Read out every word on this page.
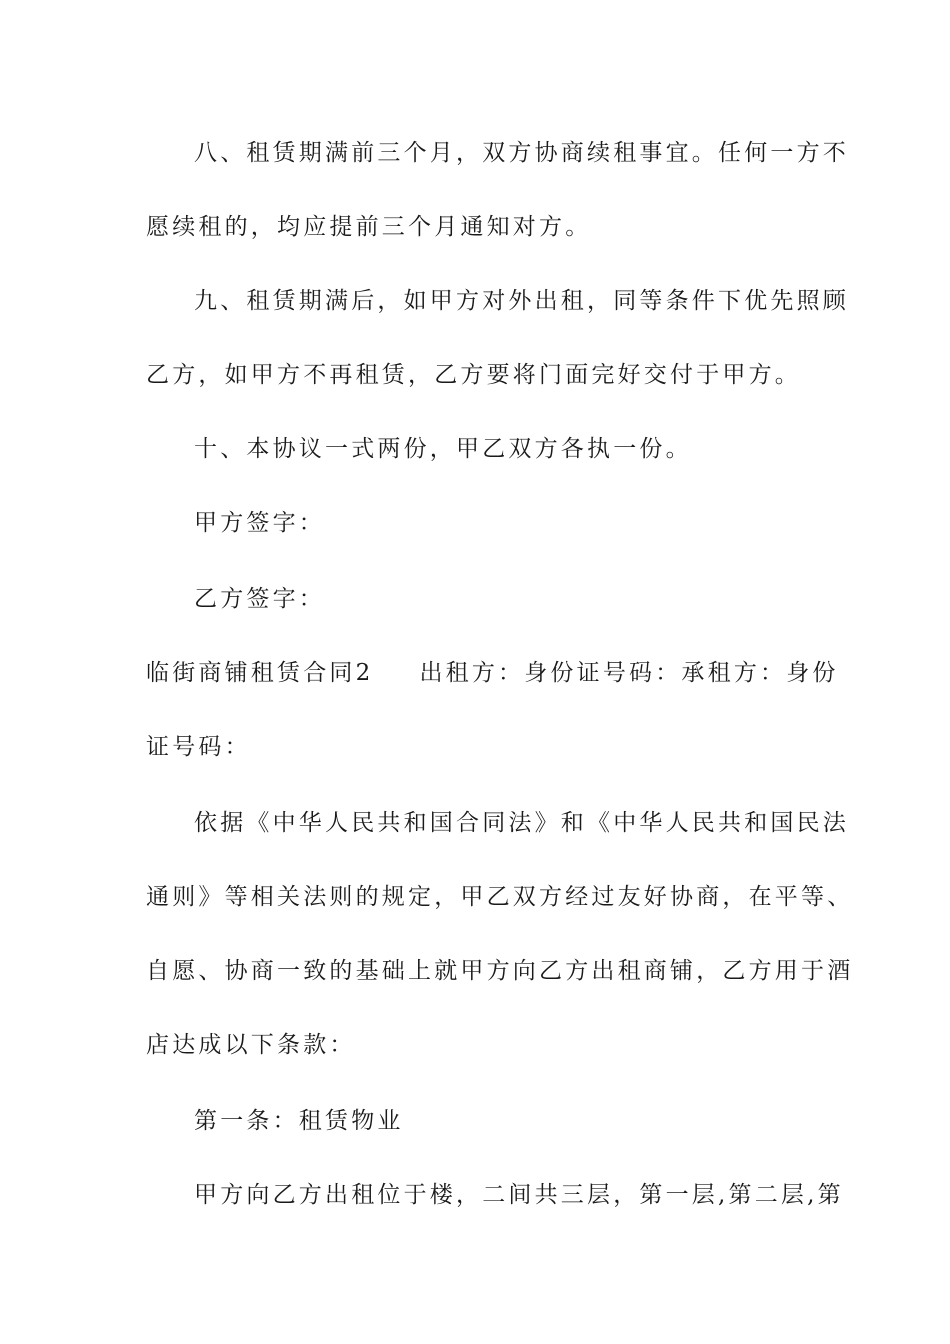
八、租赁期满前三个月，双方协商续租事宜。任何一方不
愿续租的，均应提前三个月通知对方。
九、租赁期满后，如甲方对外出租，同等条件下优先照顾
乙方，如甲方不再租赁，乙方要将门面完好交付于甲方。
十、本协议一式两份，甲乙双方各执一份。
甲方签字：
乙方签字：
临街商铺租赁合同2 出租方：身份证号码：承租方：身份
证号码：
依据《中华人民共和国合同法》和《中华人民共和国民法
通则》等相关法则的规定，甲乙双方经过友好协商，在平等、
自愿、协商一致的基础上就甲方向乙方出租商铺，乙方用于酒
店达成以下条款：
第一条：租赁物业
甲方向乙方出租位于楼，二间共三层，第一层,第二层,第
